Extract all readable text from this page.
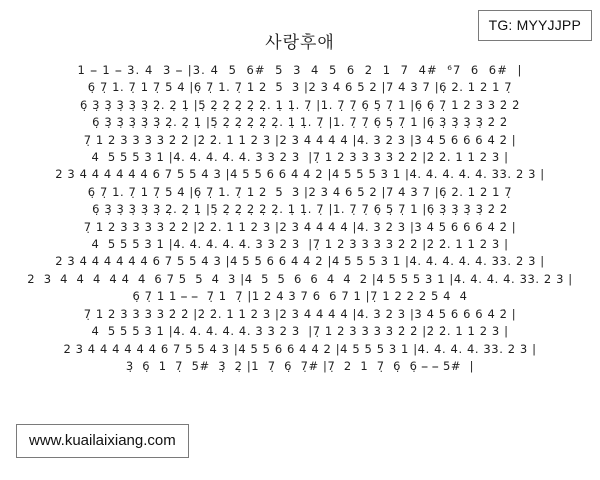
사랑후애
1 ⎯ 1 ⎯ 3. 4  3 ⎯ |3. 4  5  6#  5  3  4  5  6  2  1  7  4#  ⁶7  6  6#  |
6̣ 7̣ 1. 7̣ 1 7̣ 5 4 |6̣ 7̣ 1. 7̣ 1 2  5  3 |2 3 4 6 5 2 |7 4 3 7 |6̣ 2. 1 2 1 7̣
6̣ 3̣ 3̣ 3̣ 3̣ 3̣ 2̣. 2̣ 1̣ |5̣ 2̣ 2̣ 2̣ 2̣ 2̣. 1̣ 1̣. 7̣ |1. 7̣ 7̣ 6̣ 5̣ 7̣ 1 |6̣ 6̣ 7̣ 1 2 3 3 2̇ 2̇
6̣ 3̣ 3̣ 3̣ 3̣ 3̣ 2̣. 2̣ 1̣ |5̣ 2̣ 2̣ 2̣ 2̣ 2̣. 1̣ 1̣. 7̣ |1. 7̣ 7̣ 6̣ 5̣ 7̣ 1 |6̣ 3̣ 3̣ 3̣ 3̣ 2̇ 2̇
7̣ 1 2 3 3 3 3 2̇ 2̇ |2̇ 2̇. 1 1 2 3 |2 3 4 4 4 4 |4. 3 2 3 |3 4 5 6 6 6 4 2̇ |
4  5 5 5 3 1 |4. 4. 4. 4. 4. 3 3 2 3  |7̣ 1 2 3 3 3 3 2̇ 2̇ |2̇ 2̇. 1 1 2 3 |
2 3 4 4 4 4 4 4 6 7 5 5 4 3 |4 5 5 6 6 4 4 2 |4 5 5 5 3 1 |4. 4. 4. 4. 4. 33. 2 3 |
6̣ 7̣ 1. 7̣ 1 7̣ 5 4 |6̣ 7̣ 1. 7̣ 1 2  5  3 |2 3 4 6 5 2 |7 4 3 7 |6̣ 2. 1 2 1 7̣
6̣ 3̣ 3̣ 3̣ 3̣ 3̣ 2̣. 2̣ 1̣ |5̣ 2̣ 2̣ 2̣ 2̣ 2̣. 1̣ 1̣. 7̣ |1. 7̣ 7̣ 6̣ 5̣ 7̣ 1 |6̣ 3̣ 3̣ 3̣ 3̣ 2̇ 2̇
7̣ 1 2 3 3 3 3 2̇ 2̇ |2̇ 2̇. 1 1 2 3 |2 3 4 4 4 4 |4. 3 2 3 |3 4 5 6 6 6 4 2̇ |
4  5 5 5 3 1 |4. 4. 4. 4. 4. 3 3 2 3  |7̣ 1 2 3 3 3 3 2̇ 2̇ |2̇ 2̇. 1 1 2 3 |
2 3 4 4 4 4 4 4 6 7 5 5 4 3 |4 5 5 6 6 4 4 2 |4 5 5 5 3 1 |4. 4. 4. 4. 4. 33. 2 3 |
2  3  4  4  4  4 4  4  6 7 5  5  4  3 |4  5  5  6  6  4  4  2 |4 5 5 5 3 1 |4. 4. 4. 4. 33. 2 3 |
6̣ 7̣ 1 1 ⎯ ⎯  7̣ 1  7̣ |1 2 4 3 7 6  6 7 1 |7̣ 1 2 2 2 5 4  4
7̣ 1 2 3 3 3 3 2̇ 2̇ |2̇ 2̇. 1 1 2 3 |2 3 4 4 4 4 |4. 3 2 3 |3 4 5 6 6 6 4 2̇ |
4  5 5 5 3 1 |4. 4. 4. 4. 4. 3 3 2 3  |7̣ 1 2 3 3 3 3 2̇ 2̇ |2̇ 2̇. 1 1 2 3 |
2 3 4 4 4 4 4 4 6 7 5 5 4 3 |4 5 5 6 6 4 4 2 |4 5 5 5 3 1 |4. 4. 4. 4. 33. 2 3 |
3̣  6̣  1  7̣  5#  3̣  2̣ |1  7̣  6̣  7̣# |7̣  2  1  7̣  6̣  6̣ ⎯ ⎯ 5#  |
TG: MYYJJPP
www.kuailaixiang.com
